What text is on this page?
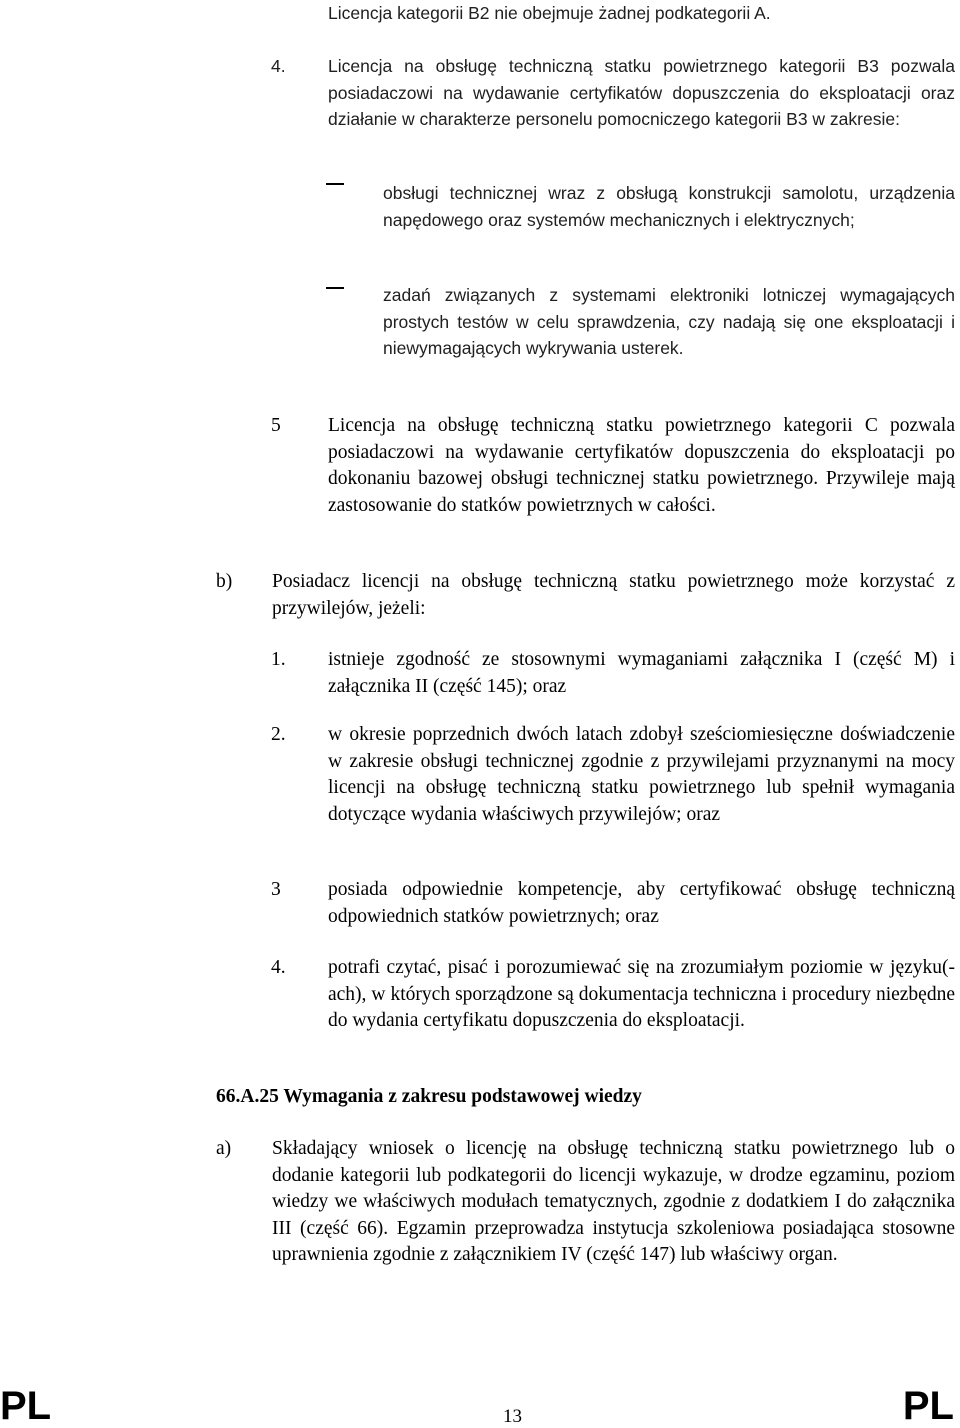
Licencja kategorii B2 nie obejmuje żadnej podkategorii A.
4. Licencja na obsługę techniczną statku powietrznego kategorii B3 pozwala posiadaczowi na wydawanie certyfikatów dopuszczenia do eksploatacji oraz działanie w charakterze personelu pomocniczego kategorii B3 w zakresie:
obsługi technicznej wraz z obsługą konstrukcji samolotu, urządzenia napędowego oraz systemów mechanicznych i elektrycznych;
zadań związanych z systemami elektroniki lotniczej wymagających prostych testów w celu sprawdzenia, czy nadają się one eksploatacji i niewymagających wykrywania usterek.
5 Licencja na obsługę techniczną statku powietrznego kategorii C pozwala posiadaczowi na wydawanie certyfikatów dopuszczenia do eksploatacji po dokonaniu bazowej obsługi technicznej statku powietrznego. Przywileje mają zastosowanie do statków powietrznych w całości.
b) Posiadacz licencji na obsługę techniczną statku powietrznego może korzystać z przywilejów, jeżeli:
1. istnieje zgodność ze stosownymi wymaganiami załącznika I (część M) i załącznika II (część 145); oraz
2. w okresie poprzednich dwóch latach zdobył sześciomiesięczne doświadczenie w zakresie obsługi technicznej zgodnie z przywilejami przyznanymi na mocy licencji na obsługę techniczną statku powietrznego lub spełnił wymagania dotyczące wydania właściwych przywilejów; oraz
3 posiada odpowiednie kompetencje, aby certyfikować obsługę techniczną odpowiednich statków powietrznych; oraz
4. potrafi czytać, pisać i porozumiewać się na zrozumiałym poziomie w języku(-ach), w których sporządzone są dokumentacja techniczna i procedury niezbędne do wydania certyfikatu dopuszczenia do eksploatacji.
66.A.25 Wymagania z zakresu podstawowej wiedzy
a) Składający wniosek o licencję na obsługę techniczną statku powietrznego lub o dodanie kategorii lub podkategorii do licencji wykazuje, w drodze egzaminu, poziom wiedzy we właściwych modułach tematycznych, zgodnie z dodatkiem I do załącznika III (część 66). Egzamin przeprowadza instytucja szkoleniowa posiadająca stosowne uprawnienia zgodnie z załącznikiem IV (część 147) lub właściwy organ.
PL	13	PL
